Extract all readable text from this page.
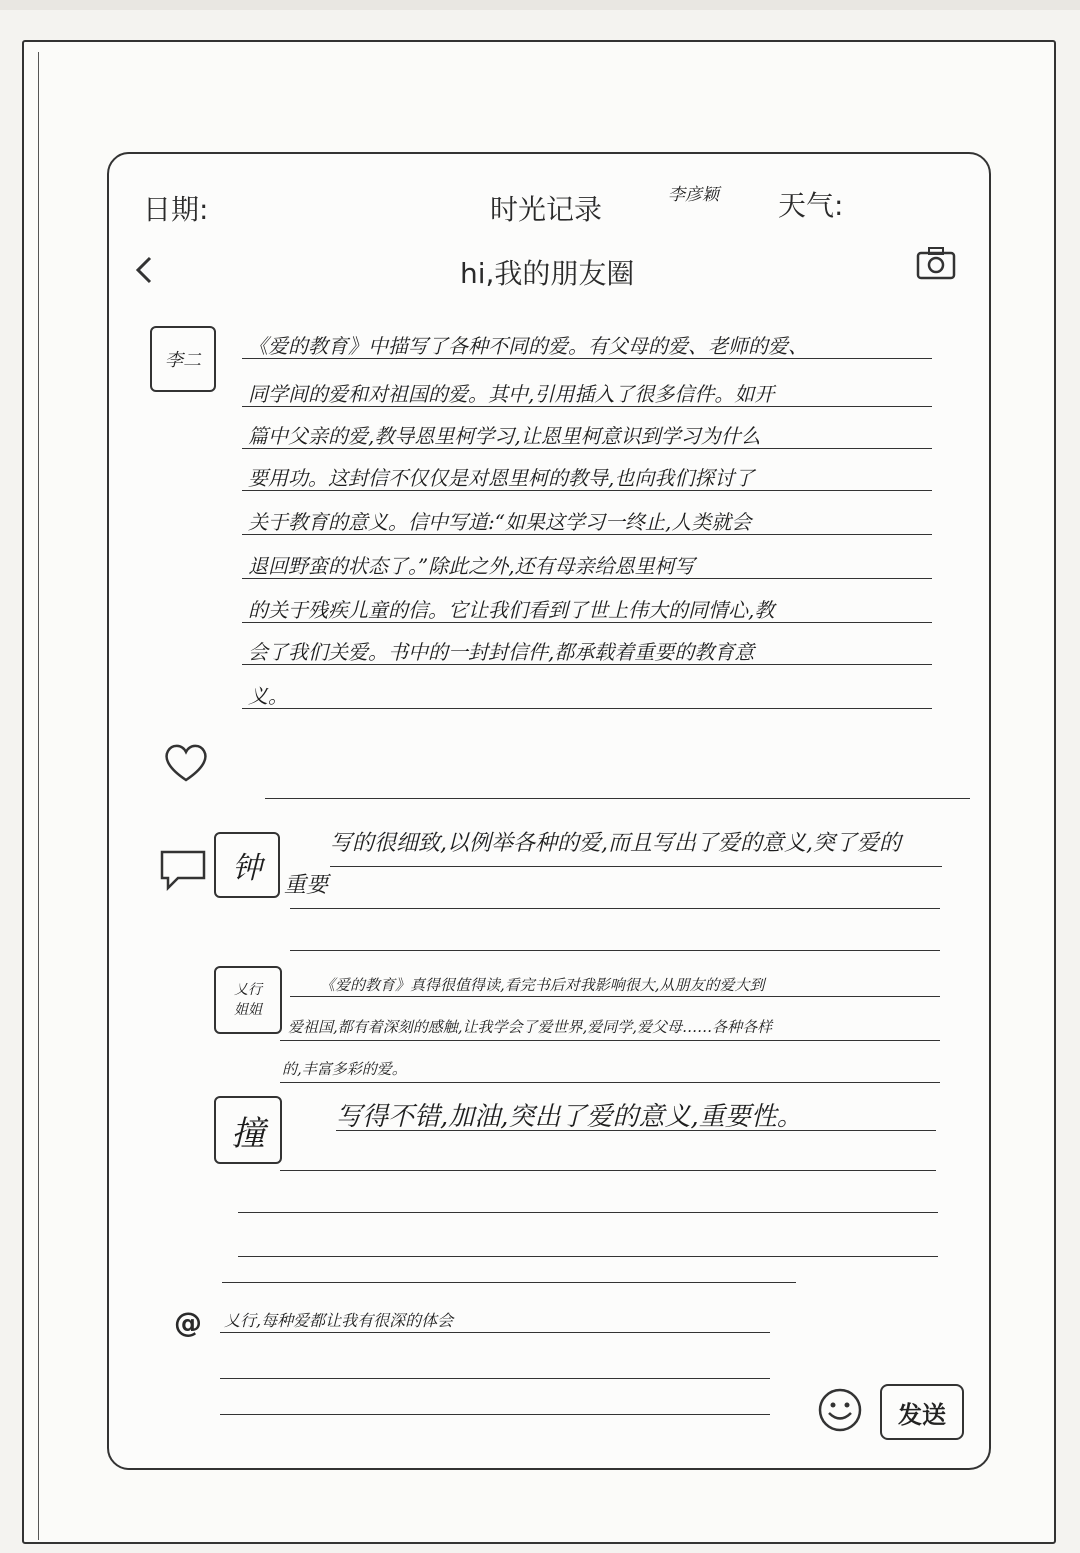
日期:	时光记录	李彦颖 天气:
hi,我的朋友圈
李二
《爱的教育》中描写了各种不同的爱。有父母的爱、老师的爱、
同学间的爱和对祖国的爱。其中,引用插入了很多信件。如开
篇中父亲的爱,教导恩里柯学习,让恩里柯意识到学习为什么
要用功。这封信不仅仅是对恩里柯的教导,也向我们探讨了
关于教育的意义。信中写道:“如果这学习一终止,人类就会
退回野蛮的状态了。”除此之外,还有母亲给恩里柯写
的关于残疾儿童的信。它让我们看到了世上伟大的同情心,教
会了我们关爱。书中的一封封信件,都承载着重要的教育意
义。
钟 重要
写的很细致,以例举各种的爱,而且写出了爱的意义,突了爱的
乂行 姐姐
《爱的教育》真得很值得读,看完书后对我影响很大,从朋友的爱大到
爱祖国,都有着深刻的感触,让我学会了爱世界,爱同学,爱父母……各种各样
的,丰富多彩的爱。
撞	写得不错,加油,突出了爱的意义,重要性。
@ 乂行,每种爱都让我有很深的体会
发送
